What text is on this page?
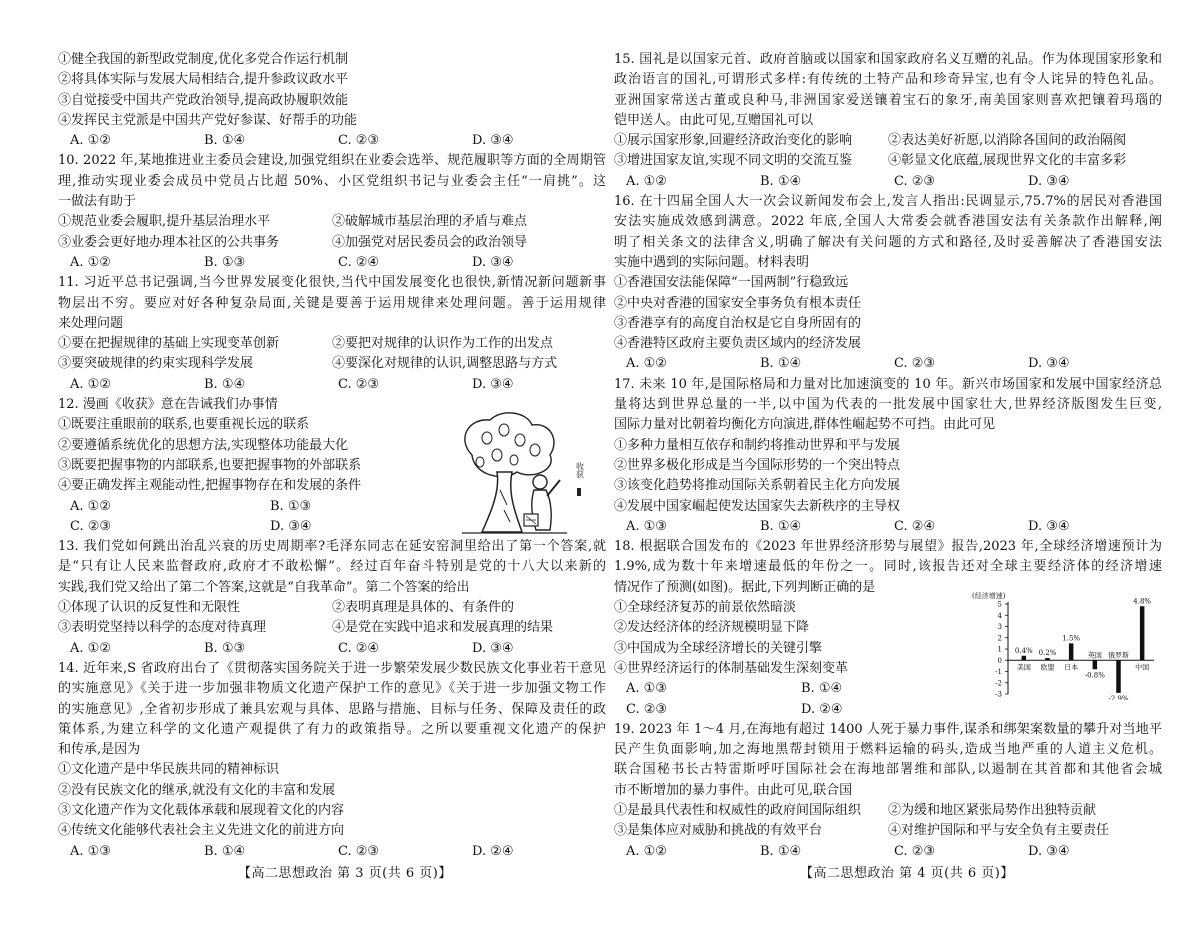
①健全我国的新型政党制度,优化多党合作运行机制
②将具体实际与发展大局相结合,提升参政议政水平
③自觉接受中国共产党政治领导,提高政协履职效能
④发挥民主党派是中国共产党好参谋、好帮手的功能
A. ①②	B. ①④	C. ②③	D. ③④
10. 2022 年,某地推进业主委员会建设,加强党组织在业委会选举、规范履职等方面的全周期管
理,推动实现业委会成员中党员占比超 50%、小区党组织书记与业委会主任“一肩挑”。这
一做法有助于
①规范业委会履职,提升基层治理水平	②破解城市基层治理的矛盾与难点
③业委会更好地办理本社区的公共事务	④加强党对居民委员会的政治领导
A. ①②	B. ①③	C. ②④	D. ③④
11. 习近平总书记强调,当今世界发展变化很快,当代中国发展变化也很快,新情况新问题新事
物层出不穷。要应对好各种复杂局面,关键是要善于运用规律来处理问题。善于运用规律
来处理问题
①要在把握规律的基础上实现变革创新	②要把对规律的认识作为工作的出发点
③要突破规律的约束实现科学发展	④要深化对规律的认识,调整思路与方式
A. ①②	B. ①④	C. ②③	D. ③④
12. 漫画《收获》意在告诫我们办事情
①既要注重眼前的联系,也要重视长远的联系
②要遵循系统优化的思想方法,实现整体功能最大化
③既要把握事物的内部联系,也要把握事物的外部联系
④要正确发挥主观能动性,把握事物存在和发展的条件
A. ①②	B. ①③
C. ②③	D. ③④
13. 我们党如何跳出治乱兴衰的历史周期率?毛泽东同志在延安窑洞里给出了第一个答案,就
是“只有让人民来监督政府,政府才不敢松懈”。经过百年奋斗特别是党的十八大以来新的
实践,我们党又给出了第二个答案,这就是“自我革命”。第二个答案的给出
①体现了认识的反复性和无限性	②表明真理是具体的、有条件的
③表明党坚持以科学的态度对待真理	④是党在实践中追求和发展真理的结果
A. ①②	B. ①③	C. ②④	D. ③④
14. 近年来,S 省政府出台了《贯彻落实国务院关于进一步繁荣发展少数民族文化事业若干意见
的实施意见》《关于进一步加强非物质文化遗产保护工作的意见》《关于进一步加强文物工作
的实施意见》,全省初步形成了兼具宏观与具体、思路与措施、目标与任务、保障及责任的政
策体系,为建立科学的文化遗产观提供了有力的政策指导。之所以要重视文化遗产的保护
和传承,是因为
①文化遗产是中华民族共同的精神标识
②没有民族文化的继承,就没有文化的丰富和发展
③文化遗产作为文化载体承载和展现着文化的内容
④传统文化能够代表社会主义先进文化的前进方向
A. ①③	B. ①④	C. ②③	D. ②④
收获
15. 国礼是以国家元首、政府首脑或以国家和国家政府名义互赠的礼品。作为体现国家形象和
政治语言的国礼,可谓形式多样:有传统的土特产品和珍奇异宝,也有令人诧异的特色礼品。
亚洲国家常送古董或良种马,非洲国家爱送镶着宝石的象牙,南美国家则喜欢把镶着玛瑙的
铠甲送人。由此可见,互赠国礼可以
①展示国家形象,回避经济政治变化的影响	②表达美好祈愿,以消除各国间的政治隔阂
③增进国家友谊,实现不同文明的交流互鉴	④彰显文化底蕴,展现世界文化的丰富多彩
A. ①②	B. ①④	C. ②③	D. ③④
16. 在十四届全国人大一次会议新闻发布会上,发言人指出:民调显示,75.7%的居民对香港国
安法实施成效感到满意。2022 年底,全国人大常委会就香港国安法有关条款作出解释,阐
明了相关条文的法律含义,明确了解决有关问题的方式和路径,及时妥善解决了香港国安法
实施中遇到的实际问题。材料表明
①香港国安法能保障“一国两制”行稳致远
②中央对香港的国家安全事务负有根本责任
③香港享有的高度自治权是它自身所固有的
④香港特区政府主要负责区域内的经济发展
A. ①②	B. ①④	C. ②③	D. ③④
17. 未来 10 年,是国际格局和力量对比加速演变的 10 年。新兴市场国家和发展中国家经济总
量将达到世界总量的一半,以中国为代表的一批发展中国家壮大,世界经济版图发生巨变,
国际力量对比朝着均衡化方向演进,群体性崛起势不可挡。由此可见
①多种力量相互依存和制约将推动世界和平与发展
②世界多极化形成是当今国际形势的一个突出特点
③该变化趋势将推动国际关系朝着民主化方向发展
④发展中国家崛起使发达国家失去新秩序的主导权
A. ①③	B. ①④	C. ②④	D. ③④
18. 根据联合国发布的《2023 年世界经济形势与展望》报告,2023 年,全球经济增速预计为
1.9%,成为数十年来增速最低的年份之一。同时,该报告还对全球主要经济体的经济增速
情况作了预测(如图)。据此,下列判断正确的是
①全球经济复苏的前景依然暗淡
②发达经济体的经济规模明显下降
③中国成为全球经济增长的关键引擎
④世界经济运行的体制基础发生深刻变革
A. ①③	B. ①④
C. ②③	D. ②④
19. 2023 年 1～4 月,在海地有超过 1400 人死于暴力事件,谋杀和绑架案数量的攀升对当地平
民产生负面影响,加之海地黑帮封锁用于燃料运输的码头,造成当地严重的人道主义危机。
联合国秘书长古特雷斯呼吁国际社会在海地部署维和部队,以遏制在其首都和其他省会城
市不断增加的暴力事件。由此可见,联合国
①是最具代表性和权威性的政府间国际组织	②为缓和地区紧张局势作出独特贡献
③是集体应对威胁和挑战的有效平台	④对维护国际和平与安全负有主要责任
A. ①②	B. ①④	C. ②③	D. ③④
(经济增速)
5
4
3
2
1
0
-1
-2
-3
美国
0.4%
欧盟
0.2%
日本
1.5%
英国
-0.8%
俄罗斯
-2.9%
中国
4.8%
【高二思想政治 第 3 页(共 6 页)】	【高二思想政治 第 4 页(共 6 页)】
